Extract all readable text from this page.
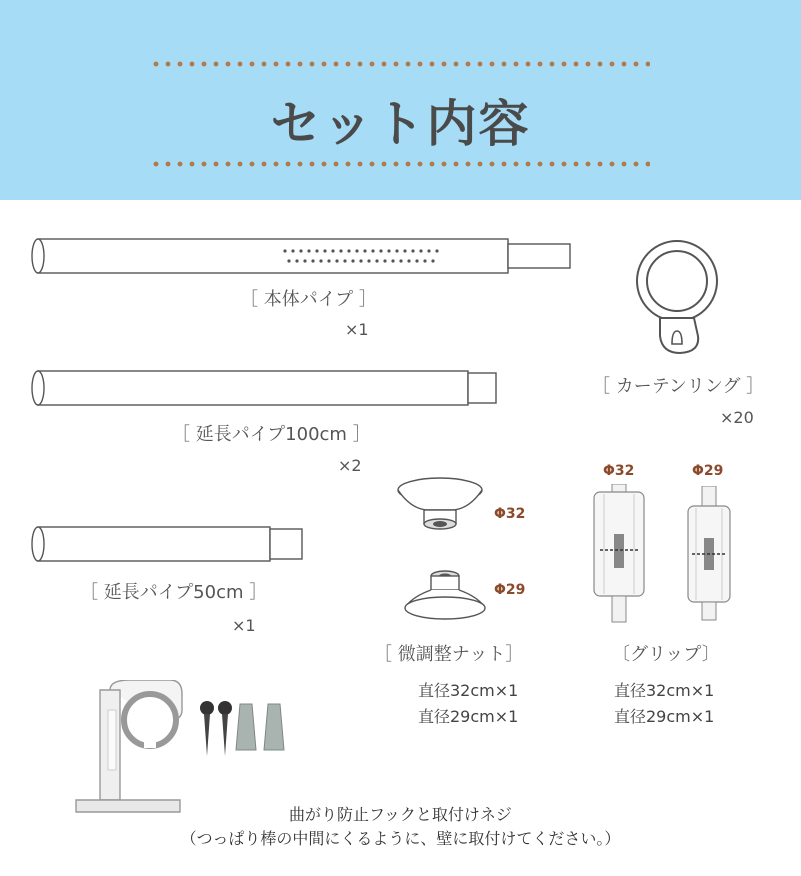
セット内容
［ 本体パイプ ］
×1
［ 延長パイプ100cm ］
×2
［ 延長パイプ50cm ］
×1
［ カーテンリング ］
×20
Φ32
Φ29
［ 微調整ナット］
直径32cm×1
直径29cm×1
Φ32	Φ29
〔グリップ〕
直径32cm×1
直径29cm×1
曲がり防止フックと取付けネジ
（つっぱり棒の中間にくるように、壁に取付けてください。）
